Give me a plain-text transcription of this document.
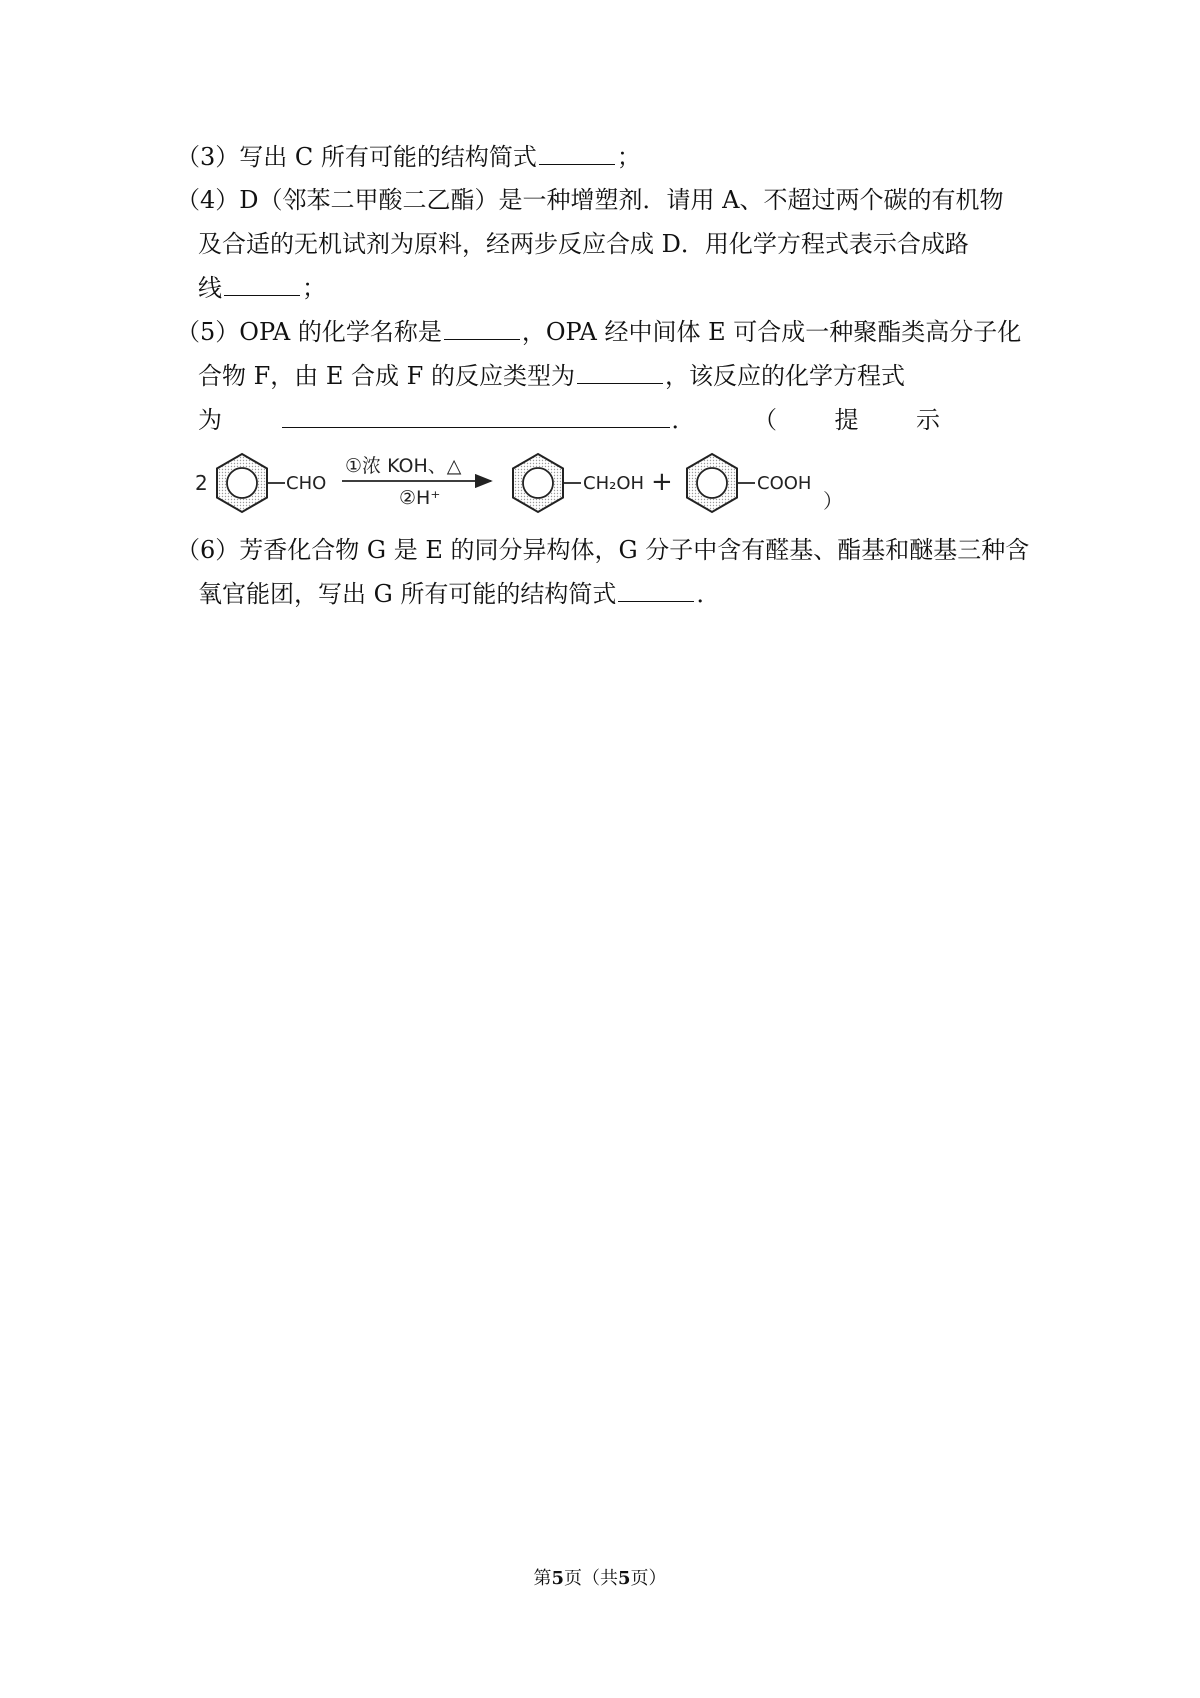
（3）写出 C 所有可能的结构简式	；
（4）D（邻苯二甲酸二乙酯）是一种增塑剂．请用 A、不超过两个碳的有机物
及合适的无机试剂为原料，经两步反应合成 D．用化学方程式表示合成路
线	；
（5）OPA 的化学名称是	，OPA 经中间体 E 可合成一种聚酯类高分子化
合物 F，由 E 合成 F 的反应类型为	，该反应的化学方程式
为	． （ 提 示
2	CHO
①浓 KOH、△
②H⁺
CH₂OH +	COOH
）
（6）芳香化合物 G 是 E 的同分异构体，G 分子中含有醛基、酯基和醚基三种含
氧官能团，写出 G 所有可能的结构简式	．
第5页（共5页）
